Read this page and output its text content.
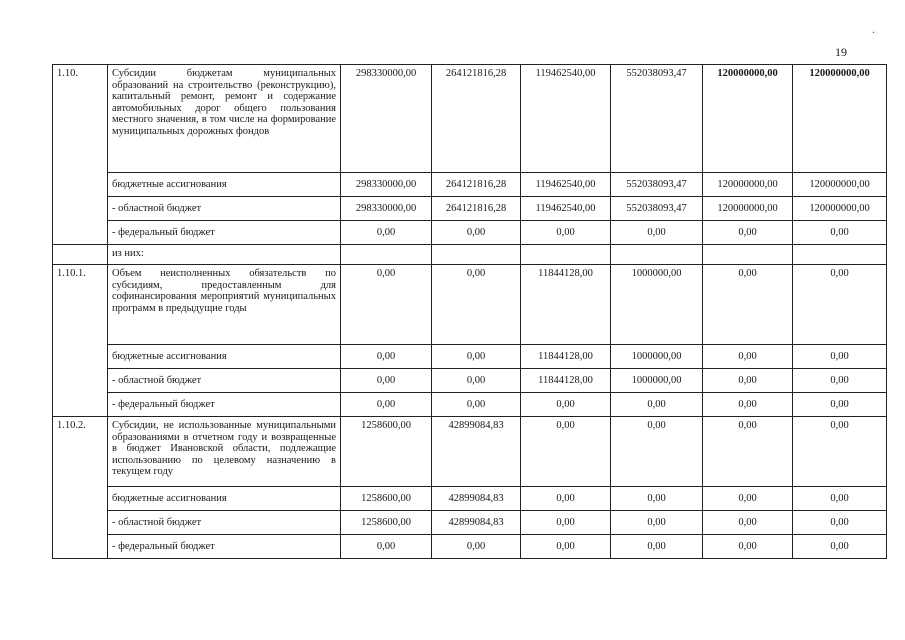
19
.
1.10.	Субсидии бюджетам муниципальных образований на строительство (реконструкцию), капитальный ремонт, ремонт и содержание автомобильных дорог общего пользования местного значения, в том числе на формирование муниципальных дорожных фондов	298330000,00	264121816,28	119462540,00	552038093,47	120000000,00	120000000,00
	бюджетные ассигнования	298330000,00	264121816,28	119462540,00	552038093,47	120000000,00	120000000,00
	- областной бюджет	298330000,00	264121816,28	119462540,00	552038093,47	120000000,00	120000000,00
	- федеральный бюджет	0,00	0,00	0,00	0,00	0,00	0,00
	из них:						
1.10.1.	Объем неисполненных обязательств по субсидиям, предоставленным для софинансирования мероприятий муниципальных программ в предыдущие годы	0,00	0,00	11844128,00	1000000,00	0,00	0,00
	бюджетные ассигнования	0,00	0,00	11844128,00	1000000,00	0,00	0,00
	- областной бюджет	0,00	0,00	11844128,00	1000000,00	0,00	0,00
	- федеральный бюджет	0,00	0,00	0,00	0,00	0,00	0,00
1.10.2.	Субсидии, не использованные муниципальными образованиями в отчетном году и возвращенные в бюджет Ивановской области, подлежащие использованию по целевому назначению в текущем году	1258600,00	42899084,83	0,00	0,00	0,00	0,00
	бюджетные ассигнования	1258600,00	42899084,83	0,00	0,00	0,00	0,00
	- областной бюджет	1258600,00	42899084,83	0,00	0,00	0,00	0,00
	- федеральный бюджет	0,00	0,00	0,00	0,00	0,00	0,00
